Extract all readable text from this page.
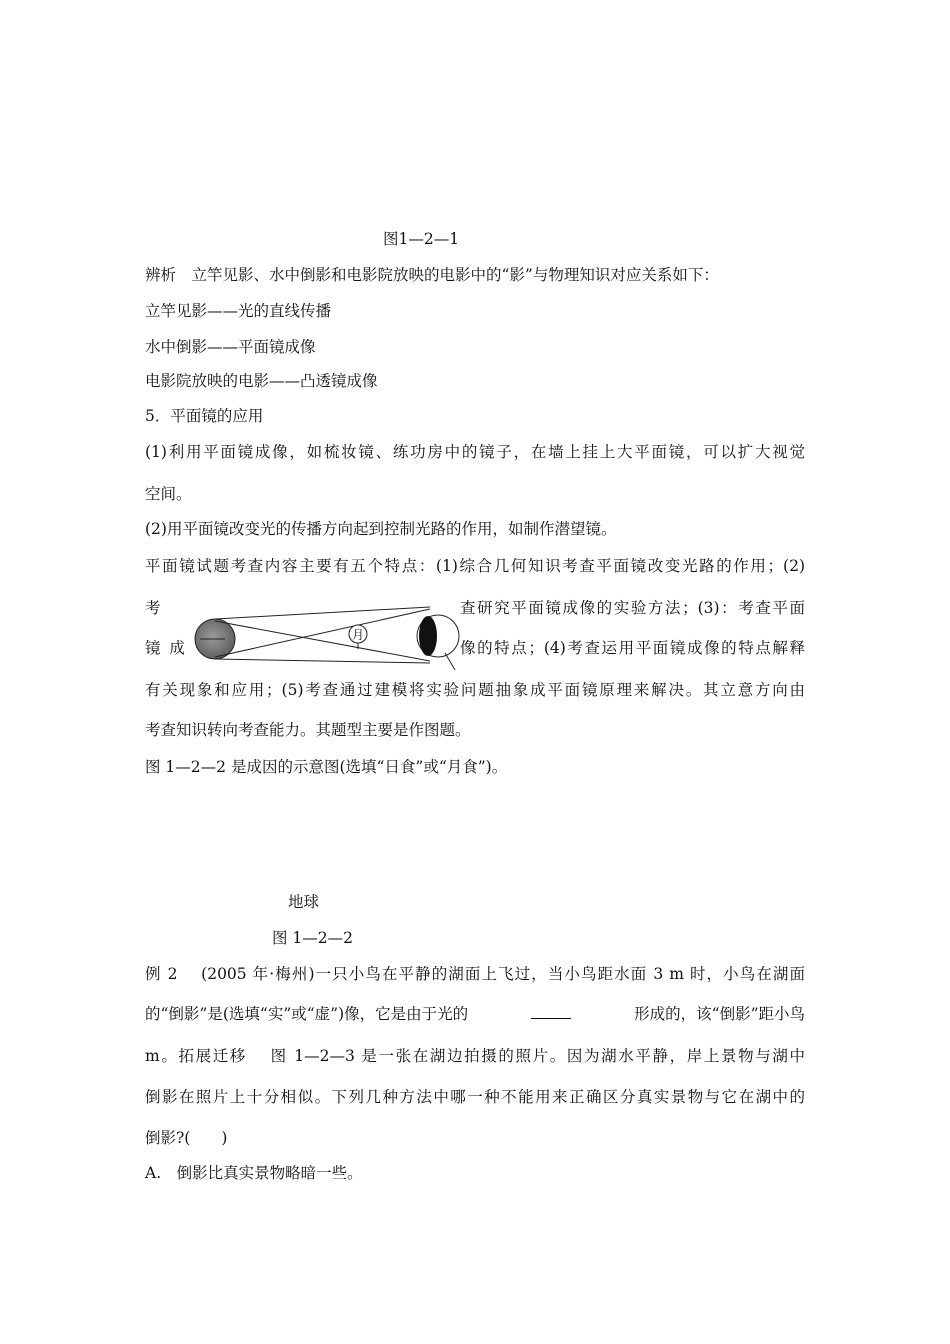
图1—2—1
辨析　立竿见影、水中倒影和电影院放映的电影中的“影”与物理知识对应关系如下：
立竿见影——光的直线传播
水中倒影——平面镜成像
电影院放映的电影——凸透镜成像
5．平面镜的应用
(1)利用平面镜成像，如梳妆镜、练功房中的镜子，在墙上挂上大平面镜，可以扩大视觉
空间。
(2)用平面镜改变光的传播方向起到控制光路的作用，如制作潜望镜。
平面镜试题考查内容主要有五个特点：(1)综合几何知识考查平面镜改变光路的作用；(2)
考	查研究平面镜成像的实验方法；(3)：考查平面
镜 成	像的特点；(4)考查运用平面镜成像的特点解释
有关现象和应用；(5)考查通过建模将实验问题抽象成平面镜原理来解决。其立意方向由
考查知识转向考查能力。其题型主要是作图题。
月
图 1—2—2 是成因的示意图(选填“日食”或“月食”)。
地球
图 1—2—2
例 2　 (2005 年·梅州)一只小鸟在平静的湖面上飞过，当小鸟距水面 3 m 时，小鸟在湖面
的“倒影”是(选填“实”或“虚”)像，它是由于光的	形成的，该“倒影”距小鸟
m。拓展迁移　 图 1—2—3 是一张在湖边拍摄的照片。因为湖水平静，岸上景物与湖中
倒影在照片上十分相似。下列几种方法中哪一种不能用来正确区分真实景物与它在湖中的
倒影?(　　)
A.　倒影比真实景物略暗一些。
